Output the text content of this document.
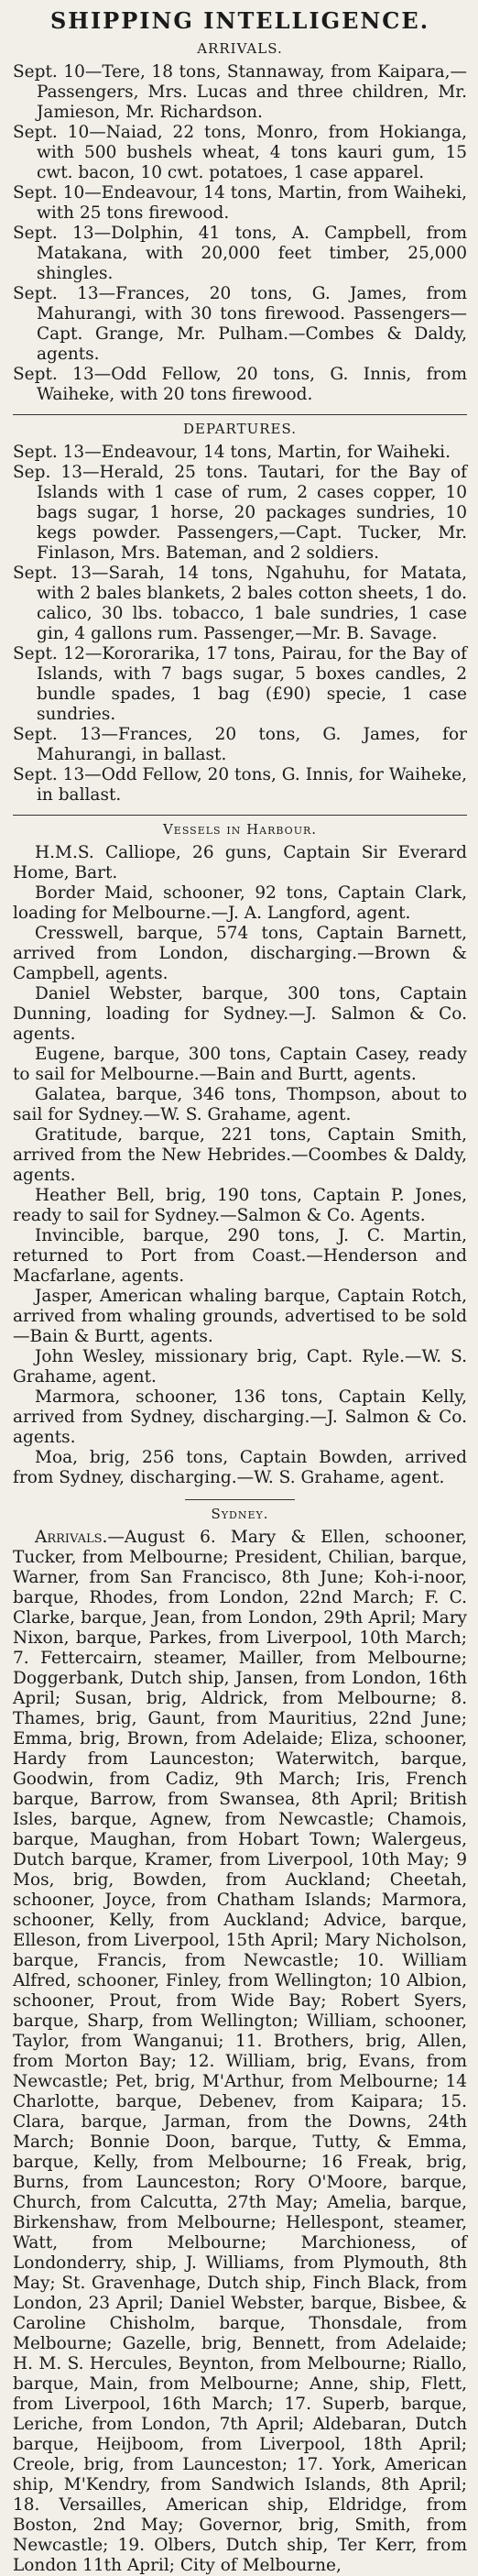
SHIPPING INTELLIGENCE.
ARRIVALS.

Sept. 10—Tere, 18 tons, Stannaway, from Kaipara,—Passengers, Mrs. Lucas and three children, Mr. Jamieson, Mr. Richardson.

Sept. 10—Naiad, 22 tons, Monro, from Hokianga, with 500 bushels wheat, 4 tons kauri gum, 15 cwt. bacon, 10 cwt. potatoes, 1 case apparel.

Sept. 10—Endeavour, 14 tons, Martin, from Waiheki, with 25 tons firewood.

Sept. 13—Dolphin, 41 tons, A. Campbell, from Matakana, with 20,000 feet timber, 25,000 shingles.

Sept. 13—Frances, 20 tons, G. James, from Mahurangi, with 30 tons firewood. Passengers—Capt. Grange, Mr. Pulham.—Combes & Daldy, agents.

Sept. 13—Odd Fellow, 20 tons, G. Innis, from Waiheke, with 20 tons firewood.

DEPARTURES.

Sept. 13—Endeavour, 14 tons, Martin, for Waiheki.

Sep. 13—Herald, 25 tons. Tautari, for the Bay of Islands with 1 case of rum, 2 cases copper, 10 bags sugar, 1 horse, 20 packages sundries, 10 kegs powder. Passengers,—Capt. Tucker, Mr. Finlason, Mrs. Bateman, and 2 soldiers.

Sept. 13—Sarah, 14 tons, Ngahuhu, for Matata, with 2 bales blankets, 2 bales cotton sheets, 1 do. calico, 30 lbs. tobacco, 1 bale sundries, 1 case gin, 4 gallons rum. Passenger,—Mr. B. Savage.

Sept. 12—Kororarika, 17 tons, Pairau, for the Bay of Islands, with 7 bags sugar, 5 boxes candles, 2 bundle spades, 1 bag (£90) specie, 1 case sundries.

Sept. 13—Frances, 20 tons, G. James, for Mahurangi, in ballast.

Sept. 13—Odd Fellow, 20 tons, G. Innis, for Waiheke, in ballast.

Vessels in Harbour.

H.M.S. Calliope, 26 guns, Captain Sir Everard Home, Bart.

Border Maid, schooner, 92 tons, Captain Clark, loading for Melbourne.—J. A. Langford, agent.

Cresswell, barque, 574 tons, Captain Barnett, arrived from London, discharging.—Brown & Campbell, agents.

Daniel Webster, barque, 300 tons, Captain Dunning, loading for Sydney.—J. Salmon & Co. agents.

Eugene, barque, 300 tons, Captain Casey, ready to sail for Melbourne.—Bain and Burtt, agents.

Galatea, barque, 346 tons, Thompson, about to sail for Sydney.—W. S. Grahame, agent.

Gratitude, barque, 221 tons, Captain Smith, arrived from the New Hebrides.—Coombes & Daldy, agents.

Heather Bell, brig, 190 tons, Captain P. Jones, ready to sail for Sydney.—Salmon & Co. Agents.

Invincible, barque, 290 tons, J. C. Martin, returned to Port from Coast.—Henderson and Macfarlane, agents.

Jasper, American whaling barque, Captain Rotch, arrived from whaling grounds, advertised to be sold —Bain & Burtt, agents.

John Wesley, missionary brig, Capt. Ryle.—W. S. Grahame, agent.

Marmora, schooner, 136 tons, Captain Kelly, arrived from Sydney, discharging.—J. Salmon & Co. agents.

Moa, brig, 256 tons, Captain Bowden, arrived from Sydney, discharging.—W. S. Grahame, agent.

Sydney.

Arrivals.—August 6. Mary & Ellen, schooner, Tucker, from Melbourne; President, Chilian, barque, Warner, from San Francisco, 8th June; Koh-i-noor, barque, Rhodes, from London, 22nd March; F. C. Clarke, barque, Jean, from London, 29th April; Mary Nixon, barque, Parkes, from Liverpool, 10th March; 7. Fettercairn, steamer, Mailler, from Melbourne; Doggerbank, Dutch ship, Jansen, from London, 16th April; Susan, brig, Aldrick, from Melbourne; 8. Thames, brig, Gaunt, from Mauritius, 22nd June; Emma, brig, Brown, from Adelaide; Eliza, schooner, Hardy from Launceston; Waterwitch, barque, Goodwin, from Cadiz, 9th March; Iris, French barque, Barrow, from Swansea, 8th April; British Isles, barque, Agnew, from Newcastle; Chamois, barque, Maughan, from Hobart Town; Walergeus, Dutch barque, Kramer, from Liverpool, 10th May; 9 Mos, brig, Bowden, from Auckland; Cheetah, schooner, Joyce, from Chatham Islands; Marmora, schooner, Kelly, from Auckland; Advice, barque, Elleson, from Liverpool, 15th April; Mary Nicholson, barque, Francis, from Newcastle; 10. William Alfred, schooner, Finley, from Wellington; 10 Albion, schooner, Prout, from Wide Bay; Robert Syers, barque, Sharp, from Wellington; William, schooner, Taylor, from Wanganui; 11. Brothers, brig, Allen, from Morton Bay; 12. William, brig, Evans, from Newcastle; Pet, brig, M'Arthur, from Melbourne; 14 Charlotte, barque, Debenev, from Kaipara; 15. Clara, barque, Jarman, from the Downs, 24th March; Bonnie Doon, barque, Tutty, & Emma, barque, Kelly, from Melbourne; 16 Freak, brig, Burns, from Launceston; Rory O'Moore, barque, Church, from Calcutta, 27th May; Amelia, barque, Birkenshaw, from Melbourne; Hellespont, steamer, Watt, from Melbourne; Marchioness, of Londonderry, ship, J. Williams, from Plymouth, 8th May; St. Gravenhage, Dutch ship, Finch Black, from London, 23 April; Daniel Webster, barque, Bisbee, & Caroline Chisholm, barque, Thonsdale, from Melbourne; Gazelle, brig, Bennett, from Adelaide; H. M. S. Hercules, Beynton, from Melbourne; Riallo, barque, Main, from Melbourne; Anne, ship, Flett, from Liverpool, 16th March; 17. Superb, barque, Leriche, from London, 7th April; Aldebaran, Dutch barque, Heijboom, from Liverpool, 18th April; Creole, brig, from Launceston; 17. York, American ship, M'Kendry, from Sandwich Islands, 8th April; 18. Versailles, American ship, Eldridge, from Boston, 2nd May; Governor, brig, Smith, from Newcastle; 19. Olbers, Dutch ship, Ter Kerr, from London 11th April; City of Melbourne,
